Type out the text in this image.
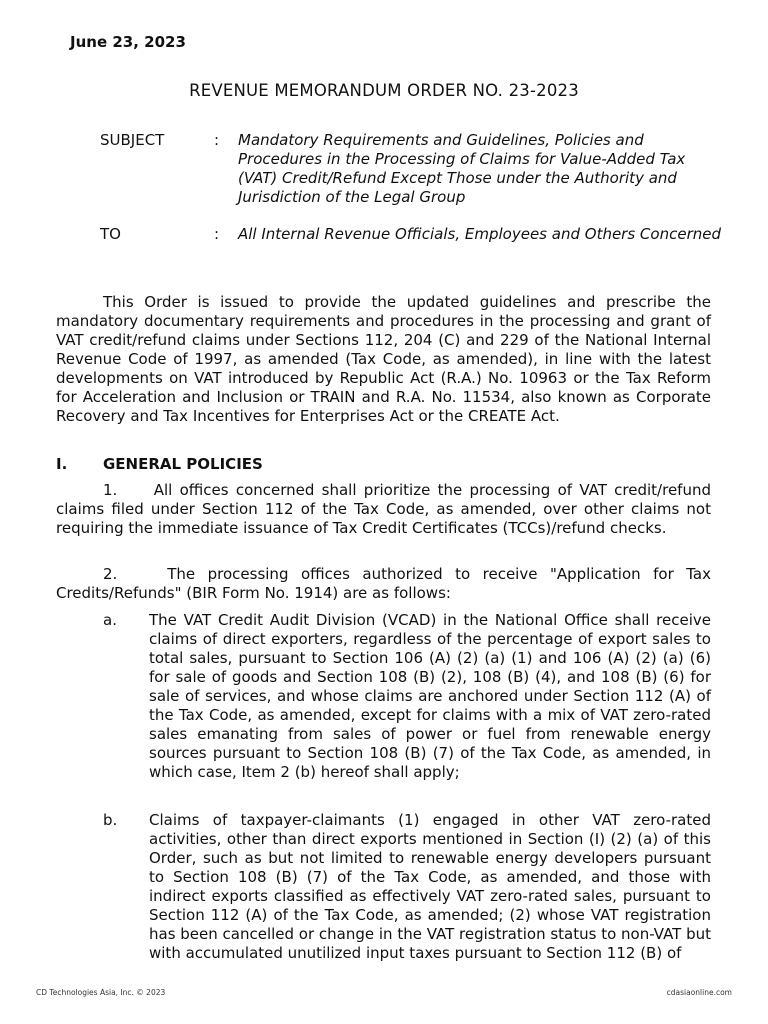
June 23, 2023
REVENUE MEMORANDUM ORDER NO. 23-2023
SUBJECT	: Mandatory Requirements and Guidelines, Policies and Procedures in the Processing of Claims for Value-Added Tax (VAT) Credit/Refund Except Those under the Authority and Jurisdiction of the Legal Group
TO	: All Internal Revenue Officials, Employees and Others Concerned
This Order is issued to provide the updated guidelines and prescribe the mandatory documentary requirements and procedures in the processing and grant of VAT credit/refund claims under Sections 112, 204 (C) and 229 of the National Internal Revenue Code of 1997, as amended (Tax Code, as amended), in line with the latest developments on VAT introduced by Republic Act (R.A.) No. 10963 or the Tax Reform for Acceleration and Inclusion or TRAIN and R.A. No. 11534, also known as Corporate Recovery and Tax Incentives for Enterprises Act or the CREATE Act.
I. GENERAL POLICIES
1.     All offices concerned shall prioritize the processing of VAT credit/refund claims filed under Section 112 of the Tax Code, as amended, over other claims not requiring the immediate issuance of Tax Credit Certificates (TCCs)/refund checks.
2.    The processing offices authorized to receive "Application for Tax Credits/Refunds" (BIR Form No. 1914) are as follows:
a. The VAT Credit Audit Division (VCAD) in the National Office shall receive claims of direct exporters, regardless of the percentage of export sales to total sales, pursuant to Section 106 (A) (2) (a) (1) and 106 (A) (2) (a) (6) for sale of goods and Section 108 (B) (2), 108 (B) (4), and 108 (B) (6) for sale of services, and whose claims are anchored under Section 112 (A) of the Tax Code, as amended, except for claims with a mix of VAT zero-rated sales emanating from sales of power or fuel from renewable energy sources pursuant to Section 108 (B) (7) of the Tax Code, as amended, in which case, Item 2 (b) hereof shall apply;
b. Claims of taxpayer-claimants (1) engaged in other VAT zero-rated activities, other than direct exports mentioned in Section (I) (2) (a) of this Order, such as but not limited to renewable energy developers pursuant to Section 108 (B) (7) of the Tax Code, as amended, and those with indirect exports classified as effectively VAT zero-rated sales, pursuant to Section 112 (A) of the Tax Code, as amended; (2) whose VAT registration has been cancelled or change in the VAT registration status to non-VAT but with accumulated unutilized input taxes pursuant to Section 112 (B) of
CD Technologies Asia, Inc. © 2023	cdasiaonline.com
